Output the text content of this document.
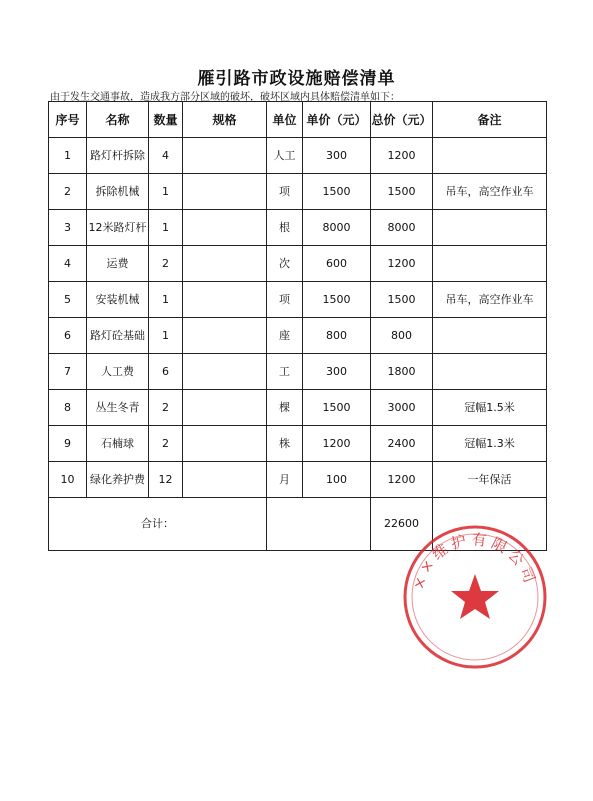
雁引路市政设施赔偿清单
由于发生交通事故，造成我方部分区域的破坏，破坏区域内具体赔偿清单如下：
序号	名称	数量	规格	单位	单价（元）	总价（元）	备注
1	路灯杆拆除	4		人工	300	1200	
2	拆除机械	1		项	1500	1500	吊车，高空作业车
3	12米路灯杆	1		根	8000	8000	
4	运费	2		次	600	1200	
5	安装机械	1		项	1500	1500	吊车，高空作业车
6	路灯砼基础	1		座	800	800	
7	人工费	6		工	300	1800	
8	丛生冬青	2		棵	1500	3000	冠幅1.5米
9	石楠球	2		株	1200	2400	冠幅1.3米
10	绿化养护费	12		月	100	1200	一年保活
合计：						22600	
××维护有限公司
